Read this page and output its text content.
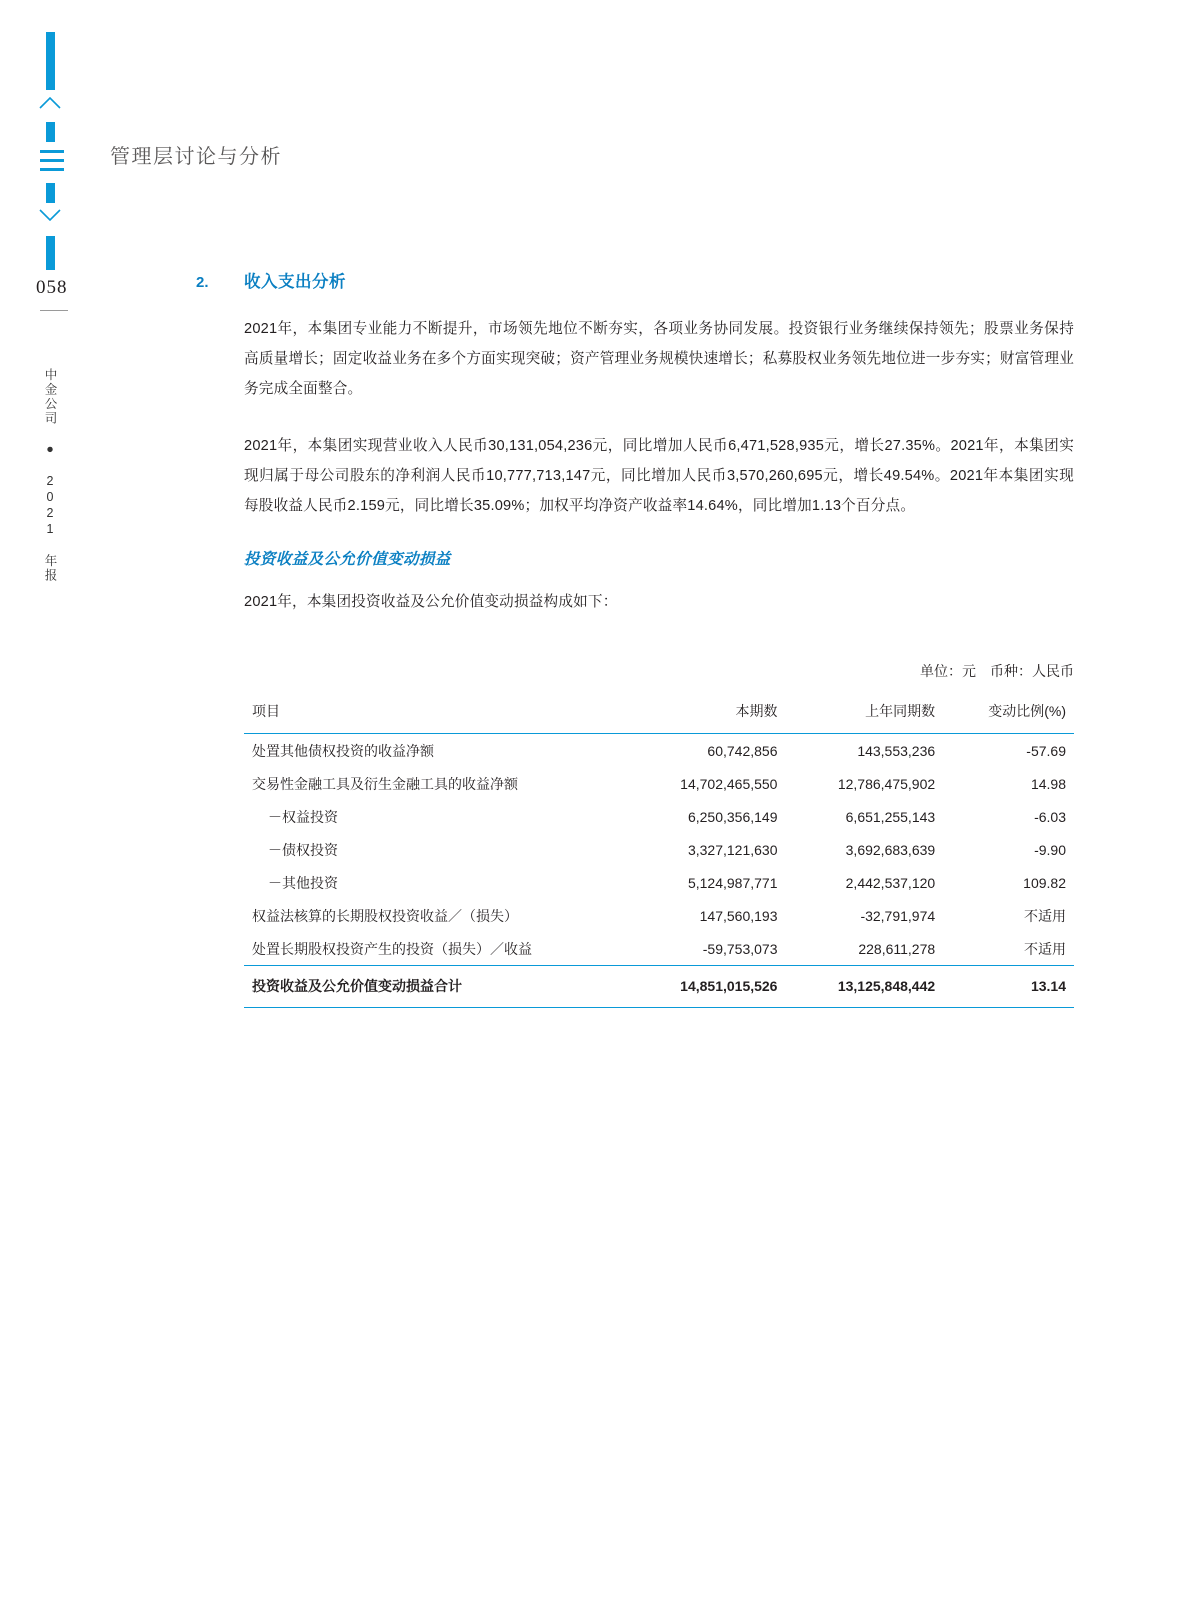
058
中金公司 ● 2021 年报
管理层讨论与分析
2.	收入支出分析

2021年，本集团专业能力不断提升，市场领先地位不断夯实，各项业务协同发展。投资银行业务继续保持领先；股票业务保持高质量增长；固定收益业务在多个方面实现突破；资产管理业务规模快速增长；私募股权业务领先地位进一步夯实；财富管理业务完成全面整合。

2021年，本集团实现营业收入人民币30,131,054,236元，同比增加人民币6,471,528,935元，增长27.35%。2021年，本集团实现归属于母公司股东的净利润人民币10,777,713,147元，同比增加人民币3,570,260,695元，增长49.54%。2021年本集团实现每股收益人民币2.159元，同比增长35.09%；加权平均净资产收益率14.64%，同比增加1.13个百分点。

投资收益及公允价值变动损益

2021年，本集团投资收益及公允价值变动损益构成如下：

单位：元　币种：人民币
项目	本期数	上年同期数	变动比例(%)
处置其他债权投资的收益净额	60,742,856	143,553,236	-57.69
交易性金融工具及衍生金融工具的收益净额	14,702,465,550	12,786,475,902	14.98
－权益投资	6,250,356,149	6,651,255,143	-6.03
－债权投资	3,327,121,630	3,692,683,639	-9.90
－其他投资	5,124,987,771	2,442,537,120	109.82
权益法核算的长期股权投资收益／（损失）	147,560,193	-32,791,974	不适用
处置长期股权投资产生的投资（损失）／收益	-59,753,073	228,611,278	不适用
投资收益及公允价值变动损益合计	14,851,015,526	13,125,848,442	13.14
